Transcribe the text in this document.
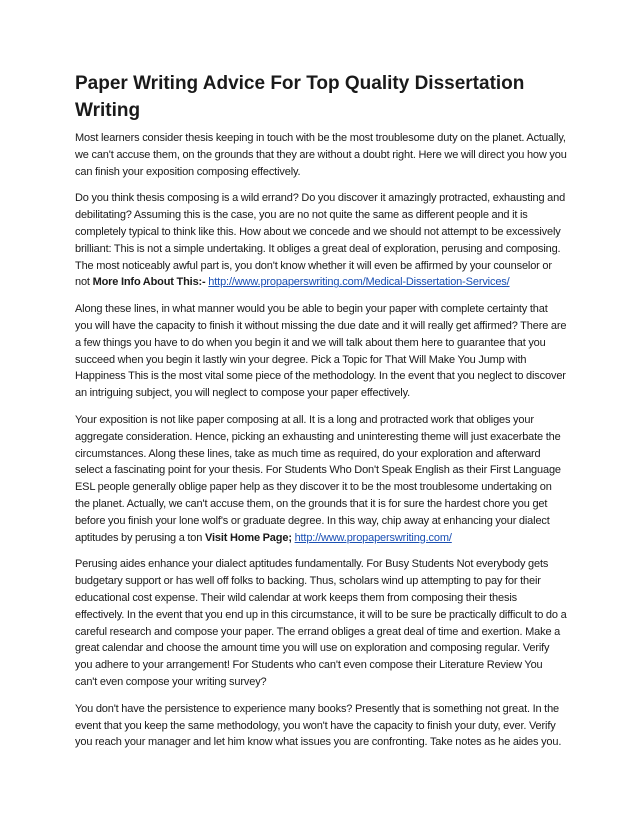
Paper Writing Advice For Top Quality Dissertation Writing

Most learners consider thesis keeping in touch with be the most troublesome duty on the planet. Actually, we can't accuse them, on the grounds that they are without a doubt right. Here we will direct you how you can finish your exposition composing effectively.

Do you think thesis composing is a wild errand? Do you discover it amazingly protracted, exhausting and debilitating? Assuming this is the case, you are no not quite the same as different people and it is completely typical to think like this. How about we concede and we should not attempt to be excessively brilliant: This is not a simple undertaking. It obliges a great deal of exploration, perusing and composing. The most noticeably awful part is, you don't know whether it will even be affirmed by your counselor or not More Info About This:- http://www.propaperswriting.com/Medical-Dissertation-Services/

Along these lines, in what manner would you be able to begin your paper with complete certainty that you will have the capacity to finish it without missing the due date and it will really get affirmed? There are a few things you have to do when you begin it and we will talk about them here to guarantee that you succeed when you begin it lastly win your degree. Pick a Topic for That Will Make You Jump with Happiness This is the most vital some piece of the methodology. In the event that you neglect to discover an intriguing subject, you will neglect to compose your paper effectively.

Your exposition is not like paper composing at all. It is a long and protracted work that obliges your aggregate consideration. Hence, picking an exhausting and uninteresting theme will just exacerbate the circumstances. Along these lines, take as much time as required, do your exploration and afterward select a fascinating point for your thesis. For Students Who Don't Speak English as their First Language ESL people generally oblige paper help as they discover it to be the most troublesome undertaking on the planet. Actually, we can't accuse them, on the grounds that it is for sure the hardest chore you get before you finish your lone wolf's or graduate degree. In this way, chip away at enhancing your dialect aptitudes by perusing a ton Visit Home Page; http://www.propaperswriting.com/

Perusing aides enhance your dialect aptitudes fundamentally. For Busy Students Not everybody gets budgetary support or has well off folks to backing. Thus, scholars wind up attempting to pay for their educational cost expense. Their wild calendar at work keeps them from composing their thesis effectively. In the event that you end up in this circumstance, it will to be sure be practically difficult to do a careful research and compose your paper. The errand obliges a great deal of time and exertion. Make a great calendar and choose the amount time you will use on exploration and composing regular. Verify you adhere to your arrangement! For Students who can't even compose their Literature Review You can't even compose your writing survey?

You don't have the persistence to experience many books? Presently that is something not great. In the event that you keep the same methodology, you won't have the capacity to finish your duty, ever. Verify you reach your manager and let him know what issues you are confronting. Take notes as he aides you.
